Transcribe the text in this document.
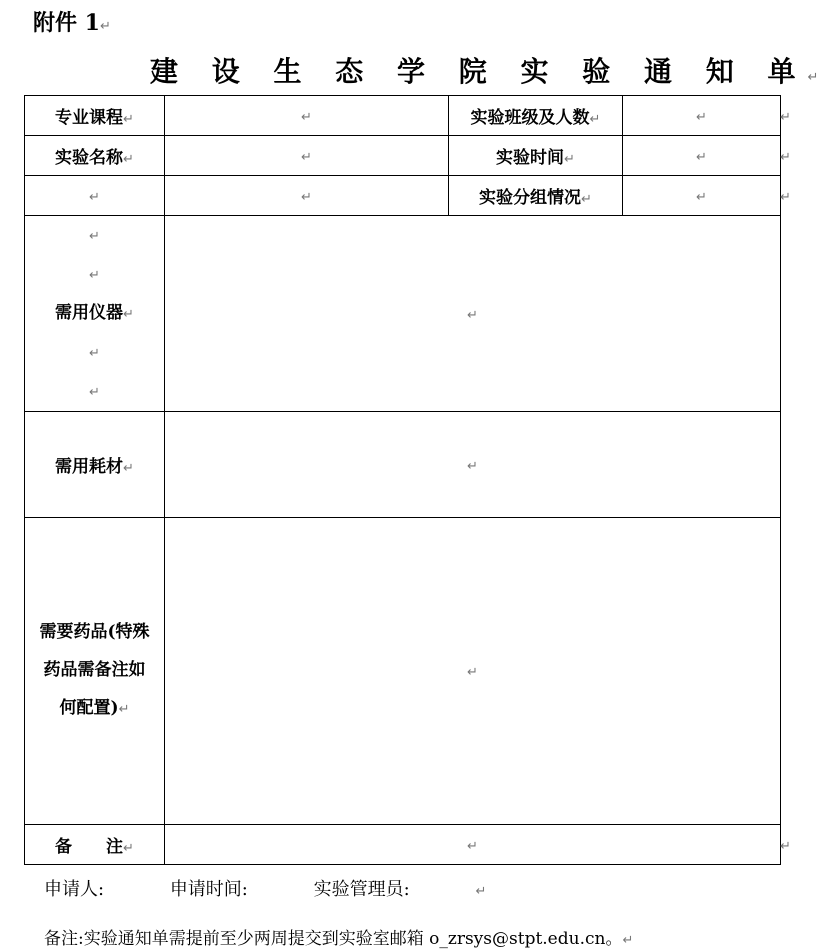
附件 1↵
建 设 生 态 学 院 实 验 通 知 单↵
专业课程↵	↵	实验班级及人数↵	↵
实验名称↵	↵	实验时间↵	↵
↵	↵	实验分组情况↵	↵

↵
↵
需用仪器↵
↵
↵	↵		
需用耗材↵	↵		

需要药品(特殊
药品需备注如
何配置)↵	↵		
备　　注↵	↵		
↵
↵
↵
↵
申请人:	申请时间:	实验管理员:	↵
备注:实验通知单需提前至少两周提交到实验室邮箱 o_zrsys@stpt.edu.cn。↵
